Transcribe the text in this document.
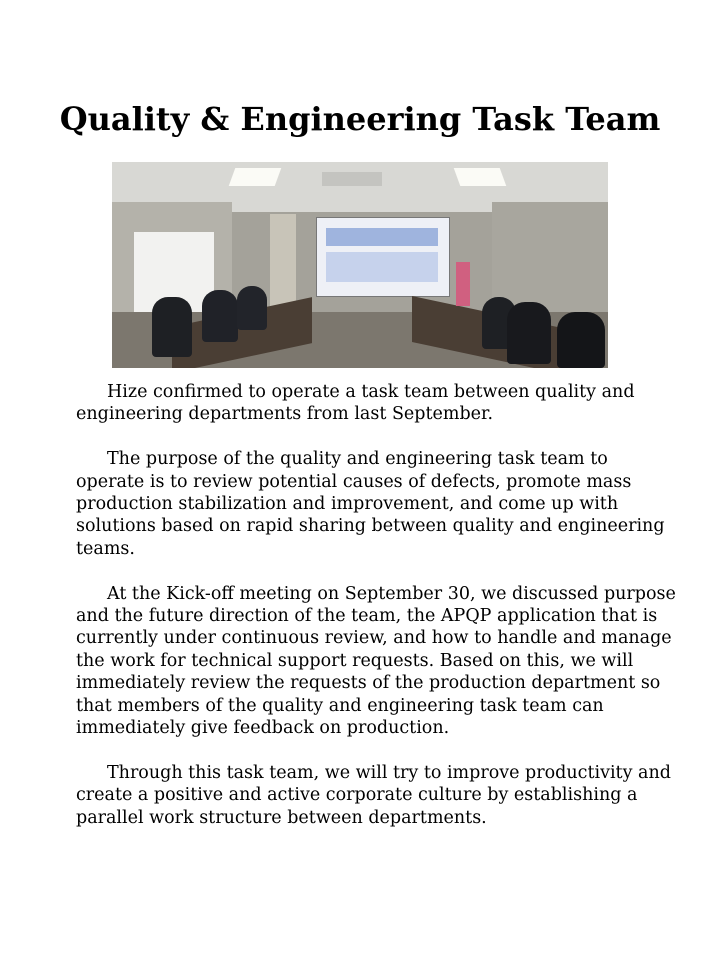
Quality & Engineering Task Team

Hize confirmed to operate a task team between quality and engineering departments from last September.

The purpose of the quality and engineering task team to operate is to review potential causes of defects, promote mass production stabilization and improvement, and come up with solutions based on rapid sharing between quality and engineering teams.

At the Kick-off meeting on September 30, we discussed purpose and the future direction of the team, the APQP application that is currently under continuous review, and how to handle and manage the work for technical support requests. Based on this, we will immediately review the requests of the production department so that members of the quality and engineering task team can immediately give feedback on production.

Through this task team, we will try to improve productivity and create a positive and active corporate culture by establishing a parallel work structure between departments.
